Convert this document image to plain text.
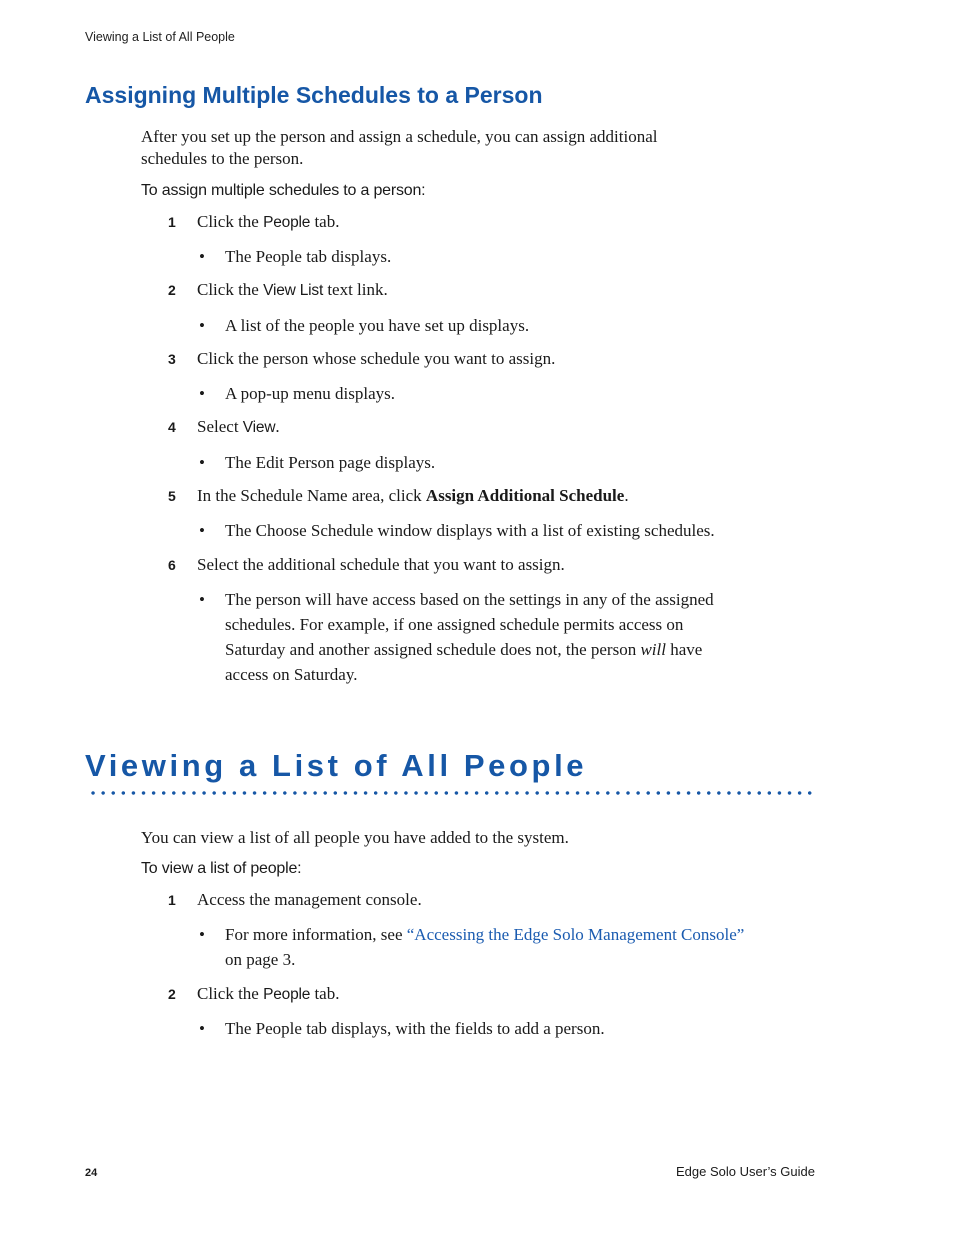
Viewing a List of All People
Assigning Multiple Schedules to a Person
After you set up the person and assign a schedule, you can assign additional
schedules to the person.
To assign multiple schedules to a person:
1 Click the People tab.
• The People tab displays.
2 Click the View List text link.
• A list of the people you have set up displays.
3 Click the person whose schedule you want to assign.
• A pop-up menu displays.
4 Select View.
• The Edit Person page displays.
5 In the Schedule Name area, click Assign Additional Schedule.
• The Choose Schedule window displays with a list of existing schedules.
6 Select the additional schedule that you want to assign.
• The person will have access based on the settings in any of the assigned
schedules. For example, if one assigned schedule permits access on
Saturday and another assigned schedule does not, the person will have
access on Saturday.
Viewing a List of All People
You can view a list of all people you have added to the system.
To view a list of people:
1 Access the management console.
• For more information, see “Accessing the Edge Solo Management Console”
on page 3.
2 Click the People tab.
• The People tab displays, with the fields to add a person.
24	Edge Solo User’s Guide
